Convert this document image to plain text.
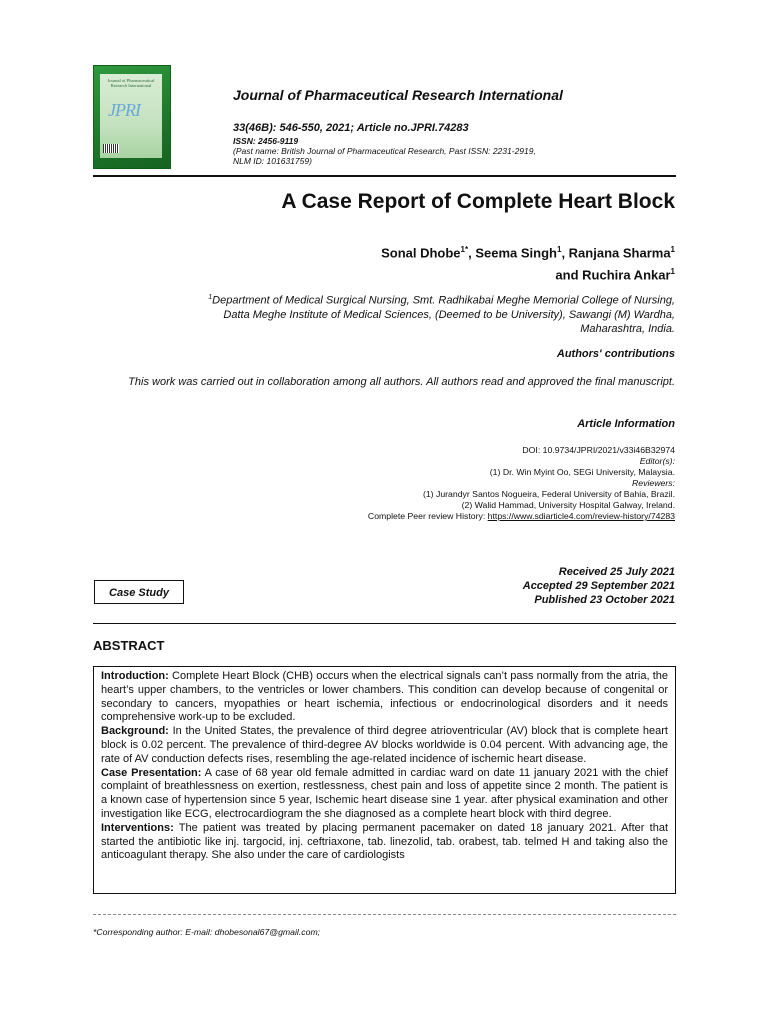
Journal of Pharmaceutical Research International
JPRI
Journal of Pharmaceutical Research International
33(46B): 546-550, 2021; Article no.JPRI.74283
ISSN: 2456-9119
(Past name: British Journal of Pharmaceutical Research, Past ISSN: 2231-2919,
NLM ID: 101631759)
A Case Report of Complete Heart Block
Sonal Dhobe$^{1*}$, Seema Singh$^1$, Ranjana Sharma$^1$
and Ruchira Ankar$^1$
$^1$Department of Medical Surgical Nursing, Smt. Radhikabai Meghe Memorial College of Nursing,
Datta Meghe Institute of Medical Sciences, (Deemed to be University), Sawangi (M) Wardha,
Maharashtra, India.
Authors' contributions
This work was carried out in collaboration among all authors. All authors read and approved the final manuscript.
Article Information
DOI: 10.9734/JPRI/2021/v33i46B32974
Editor(s):
(1) Dr. Win Myint Oo, SEGi University, Malaysia.
Reviewers:
(1) Jurandyr Santos Nogueira, Federal University of Bahia, Brazil.
(2) Walid Hammad, University Hospital Galway, Ireland.
Complete Peer review History: https://www.sdiarticle4.com/review-history/74283
Case Study
Received 25 July 2021
Accepted 29 September 2021
Published 23 October 2021
ABSTRACT

Introduction: Complete Heart Block (CHB) occurs when the electrical signals can’t pass normally from the atria, the heart’s upper chambers, to the ventricles or lower chambers. This condition can develop because of congenital or secondary to cancers, myopathies or heart ischemia, infectious or endocrinological disorders and it needs comprehensive work-up to be excluded.

Background: In the United States, the prevalence of third degree atrioventricular (AV) block that is complete heart block is 0.02 percent. The prevalence of third-degree AV blocks worldwide is 0.04 percent. With advancing age, the rate of AV conduction defects rises, resembling the age-related incidence of ischemic heart disease.

Case Presentation: A case of 68 year old female admitted in cardiac ward on date 11 january 2021 with the chief complaint of breathlessness on exertion, restlessness, chest pain and loss of appetite since 2 month. The patient is a known case of hypertension since 5 year, Ischemic heart disease sine 1 year. after physical examination and other investigation like ECG, electrocardiogram the she diagnosed as a complete heart block with third degree.

Interventions: The patient was treated by placing permanent pacemaker on dated 18 january 2021. After that started the antibiotic like inj. targocid, inj. ceftriaxone, tab. linezolid, tab. orabest, tab. telmed H and taking also the anticoagulant therapy. She also under the care of cardiologists

*Corresponding author: E-mail: dhobesonal67@gmail.com;
